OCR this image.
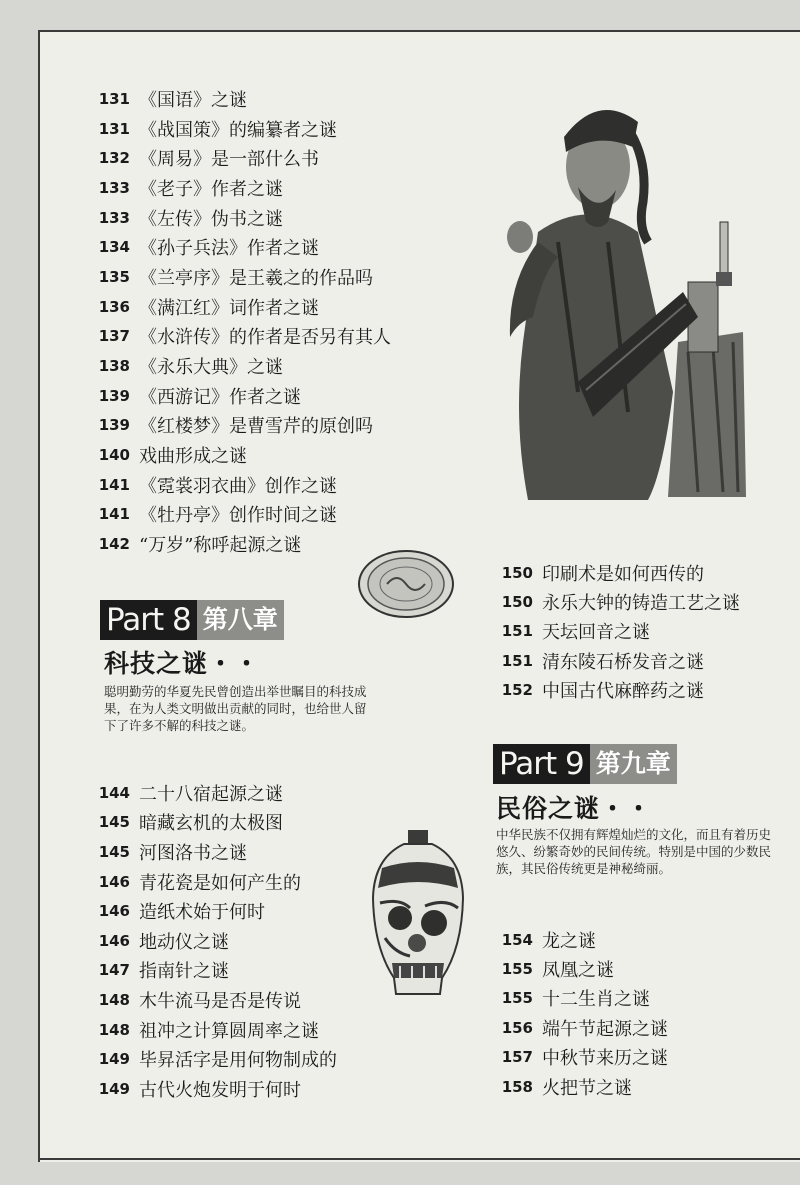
131 《国语》之谜
131 《战国策》的编纂者之谜
132 《周易》是一部什么书
133 《老子》作者之谜
133 《左传》伪书之谜
134 《孙子兵法》作者之谜
135 《兰亭序》是王羲之的作品吗
136 《满江红》词作者之谜
137 《水浒传》的作者是否另有其人
138 《永乐大典》之谜
139 《西游记》作者之谜
139 《红楼梦》是曹雪芹的原创吗
140 戏曲形成之谜
141 《霓裳羽衣曲》创作之谜
141 《牡丹亭》创作时间之谜
142 “万岁”称呼起源之谜
Part 8 第八章
科技之谜・・
聪明勤劳的华夏先民曾创造出举世瞩目的科技成果，在为人类文明做出贡献的同时，也给世人留下了许多不解的科技之谜。
144 二十八宿起源之谜
145 暗藏玄机的太极图
145 河图洛书之谜
146 青花瓷是如何产生的
146 造纸术始于何时
146 地动仪之谜
147 指南针之谜
148 木牛流马是否是传说
148 祖冲之计算圆周率之谜
149 毕昇活字是用何物制成的
149 古代火炮发明于何时
150 印刷术是如何西传的
150 永乐大钟的铸造工艺之谜
151 天坛回音之谜
151 清东陵石桥发音之谜
152 中国古代麻醉药之谜
Part 9 第九章
民俗之谜・・
中华民族不仅拥有辉煌灿烂的文化，而且有着历史悠久、纷繁奇妙的民间传统。特别是中国的少数民族，其民俗传统更是神秘绮丽。
154 龙之谜
155 凤凰之谜
155 十二生肖之谜
156 端午节起源之谜
157 中秋节来历之谜
158 火把节之谜
